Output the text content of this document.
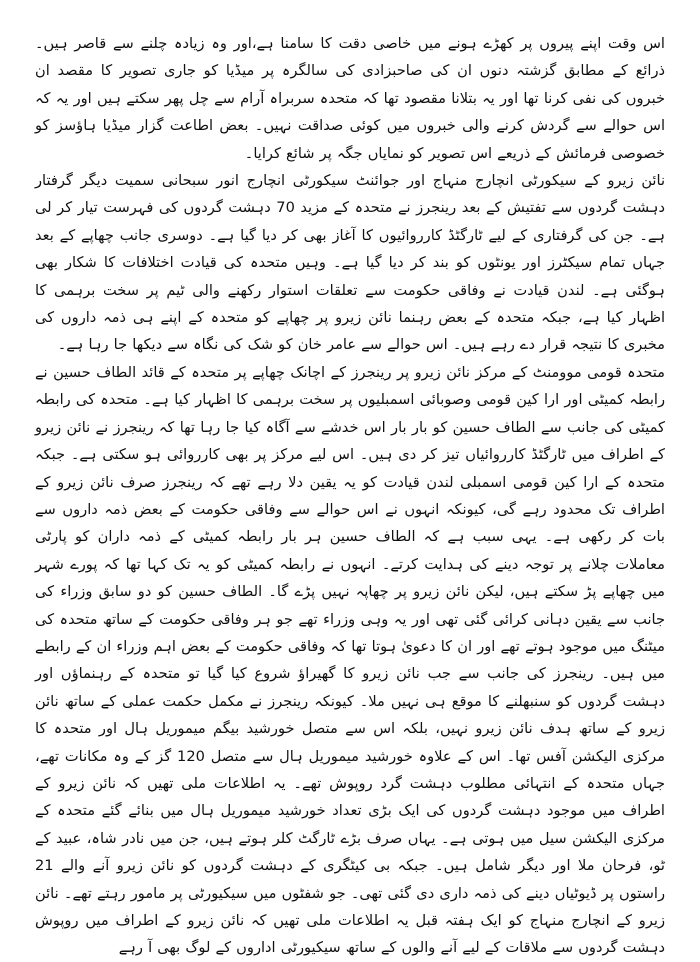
اس وقت اپنے پیروں پر کھڑے ہونے میں خاصی دقت کا سامنا ہے،اور وہ زیادہ چلنے سے قاصر ہیں۔ ذرائع کے مطابق گزشتہ دنوں ان کی صاحبزادی کی سالگرہ پر میڈیا کو جاری تصویر کا مقصد ان خبروں کی نفی کرنا تھا اور یہ بتلانا مقصود تھا کہ متحدہ سربراہ آرام سے چل پھر سکتے ہیں اور یہ کہ اس حوالے سے گردش کرنے والی خبروں میں کوئی صداقت نہیں۔ بعض اطاعت گزار میڈیا ہاؤسز کو خصوصی فرمائش کے ذریعے اس تصویر کو نمایاں جگہ پر شائع کرایا۔

نائن زیرو کے سیکورٹی انچارج منہاج اور جوائنٹ سیکورٹی انچارج انور سبحانی سمیت دیگر گرفتار دہشت گردوں سے تفتیش کے بعد رینجرز نے متحدہ کے مزید 70 دہشت گردوں کی فہرست تیار کر لی ہے۔ جن کی گرفتاری کے لیے ٹارگٹڈ کارروائیوں کا آغاز بھی کر دیا گیا ہے۔ دوسری جانب چھاپے کے بعد جہاں تمام سیکٹرز اور یونٹوں کو بند کر دیا گیا ہے۔ وہیں متحدہ کی قیادت اختلافات کا شکار بھی ہوگئی ہے۔ لندن قیادت نے وفاقی حکومت سے تعلقات استوار رکھنے والی ٹیم پر سخت برہمی کا اظہار کیا ہے، جبکہ متحدہ کے بعض رہنما نائن زیرو پر چھاپے کو متحدہ کے اپنے ہی ذمہ داروں کی مخبری کا نتیجہ قرار دے رہے ہیں۔ اس حوالے سے عامر خان کو شک کی نگاہ سے دیکھا جا رہا ہے۔

متحدہ قومی موومنٹ کے مرکز نائن زیرو پر رینجرز کے اچانک چھاپے پر متحدہ کے قائد الطاف حسین نے رابطہ کمیٹی اور ارا کین قومی وصوبائی اسمبلیوں پر سخت برہمی کا اظہار کیا ہے۔ متحدہ کی رابطہ کمیٹی کی جانب سے الطاف حسین کو بار بار اس خدشے سے آگاہ کیا جا رہا تھا کہ رینجرز نے نائن زیرو کے اطراف میں ٹارگٹڈ کارروائیاں تیز کر دی ہیں۔ اس لیے مرکز پر بھی کارروائی ہو سکتی ہے۔ جبکہ متحدہ کے ارا کین قومی اسمبلی لندن قیادت کو یہ یقین دلا رہے تھے کہ رینجرز صرف نائن زیرو کے اطراف تک محدود رہے گی، کیونکہ انہوں نے اس حوالے سے وفاقی حکومت کے بعض ذمہ داروں سے بات کر رکھی ہے۔ یہی سبب ہے کہ الطاف حسین ہر بار رابطہ کمیٹی کے ذمہ داران کو پارٹی معاملات چلانے پر توجہ دینے کی ہدایت کرتے۔ انہوں نے رابطہ کمیٹی کو یہ تک کہا تھا کہ پورے شہر میں چھاپے پڑ سکتے ہیں، لیکن نائن زیرو پر چھاپہ نہیں پڑے گا۔ الطاف حسین کو دو سابق وزراء کی جانب سے یقین دہانی کرائی گئی تھی اور یہ وہی وزراء تھے جو ہر وفاقی حکومت کے ساتھ متحدہ کی میٹنگ میں موجود ہوتے تھے اور ان کا دعویٰ ہوتا تھا کہ وفاقی حکومت کے بعض اہم وزراء ان کے رابطے میں ہیں۔ رینجرز کی جانب سے جب نائن زیرو کا گھیراؤ شروع کیا گیا تو متحدہ کے رہنماؤں اور دہشت گردوں کو سنبھلنے کا موقع ہی نہیں ملا۔ کیونکہ رینجرز نے مکمل حکمت عملی کے ساتھ نائن زیرو کے ساتھ ہدف نائن زیرو نہیں، بلکہ اس سے متصل خورشید بیگم میموریل ہال اور متحدہ کا مرکزی الیکشن آفس تھا۔ اس کے علاوہ خورشید میموریل ہال سے متصل 120 گز کے وہ مکانات تھے، جہاں متحدہ کے انتہائی مطلوب دہشت گرد روپوش تھے۔ یہ اطلاعات ملی تھیں کہ نائن زیرو کے اطراف میں موجود دہشت گردوں کی ایک بڑی تعداد خورشید میموریل ہال میں بنائے گئے متحدہ کے مرکزی الیکشن سیل میں ہوتی ہے۔ یہاں صرف بڑے ٹارگٹ کلر ہوتے ہیں، جن میں نادر شاہ، عبید کے ٹو، فرحان ملا اور دیگر شامل ہیں۔ جبکہ بی کیٹگری کے دہشت گردوں کو نائن زیرو آنے والے 21 راستوں پر ڈیوٹیاں دینے کی ذمہ داری دی گئی تھی۔ جو شفٹوں میں سیکیورٹی پر مامور رہتے تھے۔ نائن زیرو کے انچارج منہاج کو ایک ہفتہ قبل یہ اطلاعات ملی تھیں کہ نائن زیرو کے اطراف میں روپوش دہشت گردوں سے ملاقات کے لیے آنے والوں کے ساتھ سیکیورٹی اداروں کے لوگ بھی آ رہے
